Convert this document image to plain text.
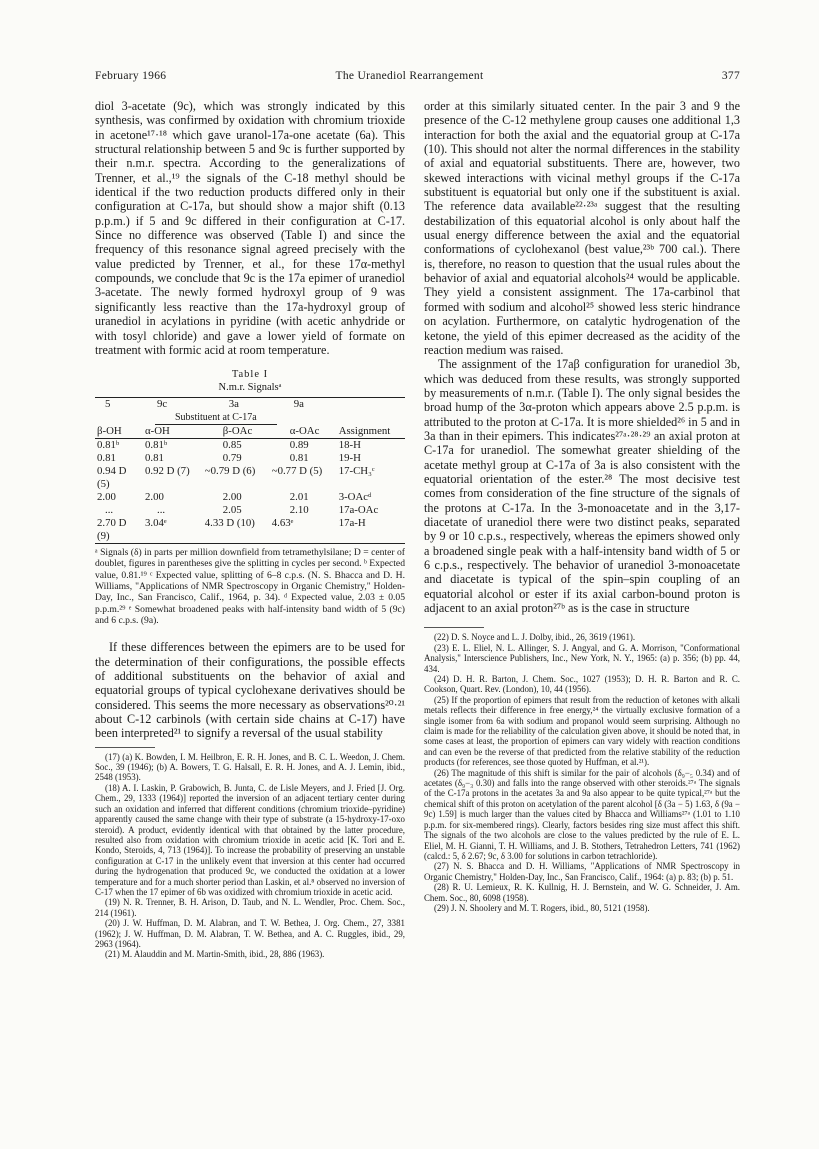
February 1966	The Uranediol Rearrangement	377

diol 3-acetate (9c), which was strongly indicated by this synthesis, was confirmed by oxidation with chromium trioxide in acetone¹⁷·¹⁸ which gave uranol-17a-one acetate (6a). This structural relationship between 5 and 9c is further supported by their n.m.r. spectra. According to the generalizations of Trenner, et al.,¹⁹ the signals of the C-18 methyl should be identical if the two reduction products differed only in their configuration at C-17a, but should show a major shift (0.13 p.p.m.) if 5 and 9c differed in their configuration at C-17. Since no difference was observed (Table I) and since the frequency of this resonance signal agreed precisely with the value predicted by Trenner, et al., for these 17α-methyl compounds, we conclude that 9c is the 17a epimer of uranediol 3-acetate. The newly formed hydroxyl group of 9 was significantly less reactive than the 17a-hydroxyl group of uranediol in acylations in pyridine (with acetic anhydride or with tosyl chloride) and gave a lower yield of formate on treatment with formic acid at room temperature.

Table I
N.m.r. Signalsᵃ
5	9c	3a	9a	
Substituent at C-17a				
β-OH	α-OH	β-OAc	α-OAc	Assignment
0.81ᵇ	0.81ᵇ	0.85	0.89	18-H
0.81	0.81	0.79	0.81	19-H
0.94 D (5)	0.92 D (7)	~0.79 D (6)	~0.77 D (5)	17-CH₃ᶜ
2.00	2.00	2.00	2.01	3-OAcᵈ
...	...	2.05	2.10	17a-OAc
2.70 D (9)	3.04ᵉ	4.33 D (10)	4.63ᵉ	17a-H
ᵃ Signals (δ) in parts per million downfield from tetramethylsilane; D = center of doublet, figures in parentheses give the splitting in cycles per second. ᵇ Expected value, 0.81.¹⁹ ᶜ Expected value, splitting of 6–8 c.p.s. (N. S. Bhacca and D. H. Williams, "Applications of NMR Spectroscopy in Organic Chemistry," Holden-Day, Inc., San Francisco, Calif., 1964, p. 34). ᵈ Expected value, 2.03 ± 0.05 p.p.m.²⁹ ᵉ Somewhat broadened peaks with half-intensity band width of 5 (9c) and 6 c.p.s. (9a).

If these differences between the epimers are to be used for the determination of their configurations, the possible effects of additional substituents on the behavior of axial and equatorial groups of typical cyclohexane derivatives should be considered. This seems the more necessary as observations²⁰·²¹ about C-12 carbinols (with certain side chains at C-17) have been interpreted²¹ to signify a reversal of the usual stability

(17) (a) K. Bowden, I. M. Heilbron, E. R. H. Jones, and B. C. L. Weedon, J. Chem. Soc., 39 (1946); (b) A. Bowers, T. G. Halsall, E. R. H. Jones, and A. J. Lemin, ibid., 2548 (1953).
(18) A. I. Laskin, P. Grabowich, B. Junta, C. de Lisle Meyers, and J. Fried [J. Org. Chem., 29, 1333 (1964)] reported the inversion of an adjacent tertiary center during such an oxidation and inferred that different conditions (chromium trioxide–pyridine) apparently caused the same change with their type of substrate (a 15-hydroxy-17-oxo steroid). A product, evidently identical with that obtained by the latter procedure, resulted also from oxidation with chromium trioxide in acetic acid [K. Tori and E. Kondo, Steroids, 4, 713 (1964)]. To increase the probability of preserving an unstable configuration at C-17 in the unlikely event that inversion at this center had occurred during the hydrogenation that produced 9c, we conducted the oxidation at a lower temperature and for a much shorter period than Laskin, et al.⁸ observed no inversion of C-17 when the 17 epimer of 6b was oxidized with chromium trioxide in acetic acid.
(19) N. R. Trenner, B. H. Arison, D. Taub, and N. L. Wendler, Proc. Chem. Soc., 214 (1961).
(20) J. W. Huffman, D. M. Alabran, and T. W. Bethea, J. Org. Chem., 27, 3381 (1962); J. W. Huffman, D. M. Alabran, T. W. Bethea, and A. C. Ruggles, ibid., 29, 2963 (1964).
(21) M. Alauddin and M. Martin-Smith, ibid., 28, 886 (1963).

order at this similarly situated center. In the pair 3 and 9 the presence of the C-12 methylene group causes one additional 1,3 interaction for both the axial and the equatorial group at C-17a (10). This should not alter the normal differences in the stability of axial and equatorial substituents. There are, however, two skewed interactions with vicinal methyl groups if the C-17a substituent is equatorial but only one if the substituent is axial. The reference data available²²·²³ᵃ suggest that the resulting destabilization of this equatorial alcohol is only about half the usual energy difference between the axial and the equatorial conformations of cyclohexanol (best value,²³ᵇ 700 cal.). There is, therefore, no reason to question that the usual rules about the behavior of axial and equatorial alcohols²⁴ would be applicable. They yield a consistent assignment. The 17a-carbinol that formed with sodium and alcohol²⁵ showed less steric hindrance on acylation. Furthermore, on catalytic hydrogenation of the ketone, the yield of this epimer decreased as the acidity of the reaction medium was raised.

The assignment of the 17aβ configuration for uranediol 3b, which was deduced from these results, was strongly supported by measurements of n.m.r. (Table I). The only signal besides the broad hump of the 3α-proton which appears above 2.5 p.p.m. is attributed to the proton at C-17a. It is more shielded²⁶ in 5 and in 3a than in their epimers. This indicates²⁷ᵃ·²⁸·²⁹ an axial proton at C-17a for uranediol. The somewhat greater shielding of the acetate methyl group at C-17a of 3a is also consistent with the equatorial orientation of the ester.²⁸ The most decisive test comes from consideration of the fine structure of the signals of the protons at C-17a. In the 3-monoacetate and in the 3,17-diacetate of uranediol there were two distinct peaks, separated by 9 or 10 c.p.s., respectively, whereas the epimers showed only a broadened single peak with a half-intensity band width of 5 or 6 c.p.s., respectively. The behavior of uranediol 3-monoacetate and diacetate is typical of the spin–spin coupling of an equatorial alcohol or ester if its axial carbon-bound proton is adjacent to an axial proton²⁷ᵇ as is the case in structure

(22) D. S. Noyce and L. J. Dolby, ibid., 26, 3619 (1961).
(23) E. L. Eliel, N. L. Allinger, S. J. Angyal, and G. A. Morrison, "Conformational Analysis," Interscience Publishers, Inc., New York, N. Y., 1965: (a) p. 356; (b) pp. 44, 434.
(24) D. H. R. Barton, J. Chem. Soc., 1027 (1953); D. H. R. Barton and R. C. Cookson, Quart. Rev. (London), 10, 44 (1956).
(25) If the proportion of epimers that result from the reduction of ketones with alkali metals reflects their difference in free energy,²⁴ the virtually exclusive formation of a single isomer from 6a with sodium and propanol would seem surprising. Although no claim is made for the reliability of the calculation given above, it should be noted that, in some cases at least, the proportion of epimers can vary widely with reaction conditions and can even be the reverse of that predicted from the relative stability of the reduction products (for references, see those quoted by Huffman, et al.²¹).
(26) The magnitude of this shift is similar for the pair of alcohols (δ₉−₅ 0.34) and of acetates (δ₉−₃ 0.30) and falls into the range observed with other steroids.²⁷ᵃ The signals of the C-17a protons in the acetates 3a and 9a also appear to be quite typical,²⁷ᵃ but the chemical shift of this proton on acetylation of the parent alcohol [δ (3a − 5) 1.63, δ (9a − 9c) 1.59] is much larger than the values cited by Bhacca and Williams²⁷ᵃ (1.01 to 1.10 p.p.m. for six-membered rings). Clearly, factors besides ring size must affect this shift. The signals of the two alcohols are close to the values predicted by the rule of E. L. Eliel, M. H. Gianni, T. H. Williams, and J. B. Stothers, Tetrahedron Letters, 741 (1962) (calcd.: 5, δ 2.67; 9c, δ 3.00 for solutions in carbon tetrachloride).
(27) N. S. Bhacca and D. H. Williams, "Applications of NMR Spectroscopy in Organic Chemistry," Holden-Day, Inc., San Francisco, Calif., 1964: (a) p. 83; (b) p. 51.
(28) R. U. Lemieux, R. K. Kullnig, H. J. Bernstein, and W. G. Schneider, J. Am. Chem. Soc., 80, 6098 (1958).
(29) J. N. Shoolery and M. T. Rogers, ibid., 80, 5121 (1958).
